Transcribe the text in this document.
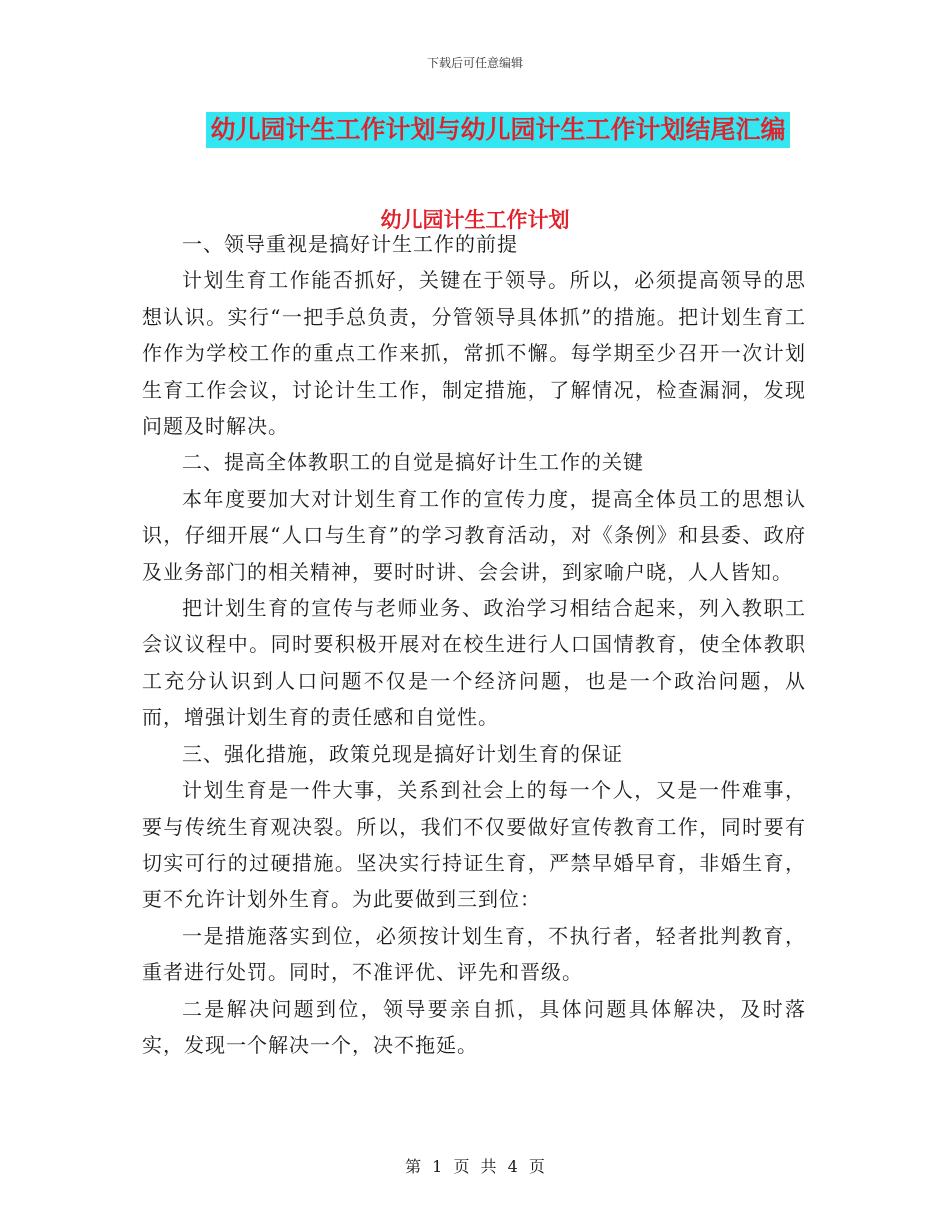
下载后可任意编辑
幼儿园计生工作计划与幼儿园计生工作计划结尾汇编
幼儿园计生工作计划

一、领导重视是搞好计生工作的前提

计划生育工作能否抓好，关键在于领导。所以，必须提高领导的思想认识。实行“一把手总负责，分管领导具体抓”的措施。把计划生育工作作为学校工作的重点工作来抓，常抓不懈。每学期至少召开一次计划生育工作会议，讨论计生工作，制定措施，了解情况，检查漏洞，发现问题及时解决。

二、提高全体教职工的自觉是搞好计生工作的关键

本年度要加大对计划生育工作的宣传力度，提高全体员工的思想认识，仔细开展“人口与生育”的学习教育活动，对《条例》和县委、政府及业务部门的相关精神，要时时讲、会会讲，到家喻户晓，人人皆知。

把计划生育的宣传与老师业务、政治学习相结合起来，列入教职工会议议程中。同时要积极开展对在校生进行人口国情教育，使全体教职工充分认识到人口问题不仅是一个经济问题，也是一个政治问题，从而，增强计划生育的责任感和自觉性。

三、强化措施，政策兑现是搞好计划生育的保证

计划生育是一件大事，关系到社会上的每一个人，又是一件难事，要与传统生育观决裂。所以，我们不仅要做好宣传教育工作，同时要有切实可行的过硬措施。坚决实行持证生育，严禁早婚早育，非婚生育，更不允许计划外生育。为此要做到三到位：

一是措施落实到位，必须按计划生育，不执行者，轻者批判教育，重者进行处罚。同时，不准评优、评先和晋级。

二是解决问题到位，领导要亲自抓，具体问题具体解决，及时落实，发现一个解决一个，决不拖延。

第 1 页 共 4 页
